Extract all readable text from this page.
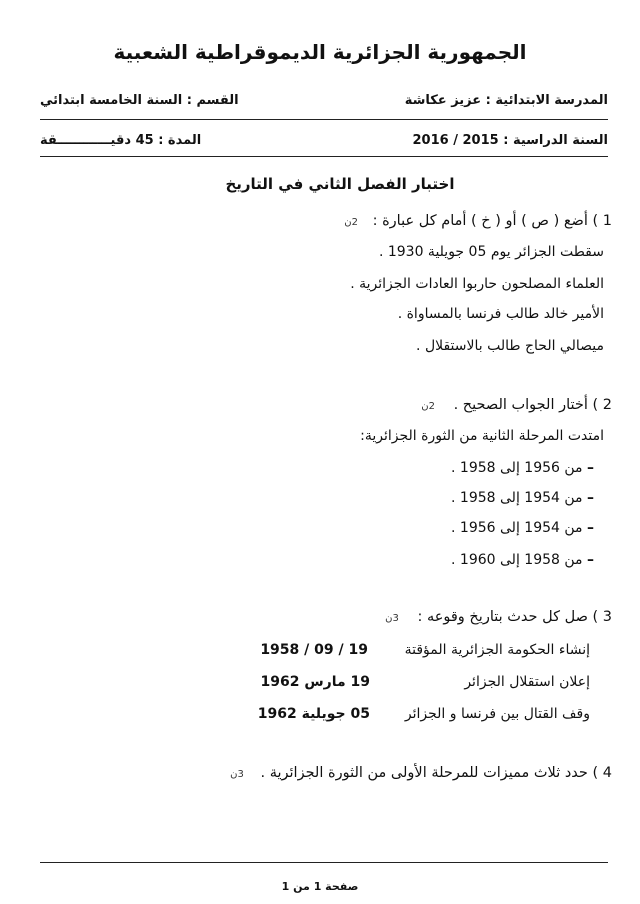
الجمهورية الجزائرية الديموقراطية الشعبية
المدرسة الابتدائية : عزيز عكاشة
القسم : السنة الخامسة ابتدائي
السنة الدراسية : 2015 / 2016
المدة : 45 دقيــــــــــــقة
اختبار الفصل الثاني في التاريخ
1 ) أضع ( ص ) أو ( خ ) أمام كل عبارة : 2ن
سقطت الجزائر يوم 05 جويلية 1930 .
العلماء المصلحون حاربوا العادات الجزائرية .
الأمير خالد طالب فرنسا بالمساواة .
ميصالي الحاج طالب بالاستقلال .
2 ) أختار الجواب الصحيح . 2ن
امتدت المرحلة الثانية من الثورة الجزائرية:
– من 1956 إلى 1958 .
– من 1954 إلى 1958 .
– من 1954 إلى 1956 .
– من 1958 إلى 1960 .
3 ) صل كل حدث بتاريخ وقوعه : 3ن
إنشاء الحكومة الجزائرية المؤقتة
إعلان استقلال الجزائر
وقف القتال بين فرنسا و الجزائر
19 / 09 / 1958
19 مارس 1962
05 جويلية 1962
4 ) حدد ثلاث مميزات للمرحلة الأولى من الثورة الجزائرية . 3ن
صفحة 1 من 1
